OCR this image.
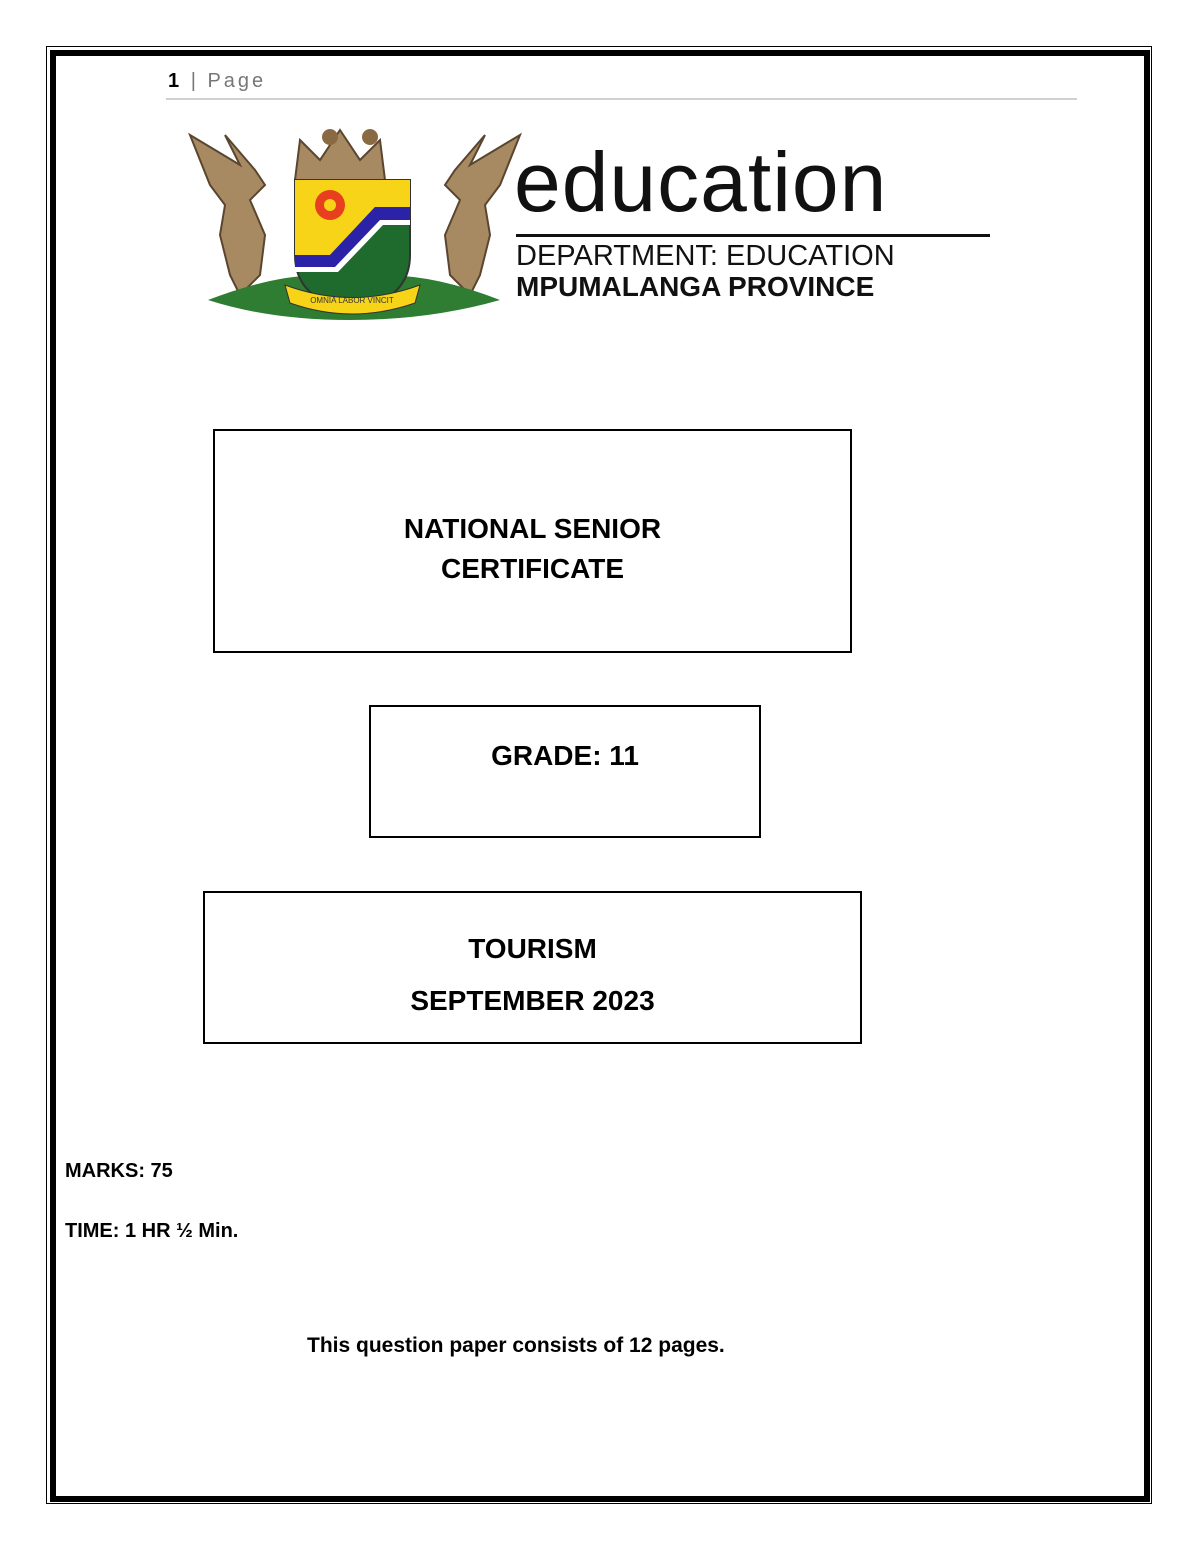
1 | Page
OMNIA LABOR VINCIT
education
DEPARTMENT: EDUCATION
MPUMALANGA PROVINCE
NATIONAL SENIOR
CERTIFICATE
GRADE: 11
TOURISM
SEPTEMBER 2023
MARKS: 75
TIME: 1 HR ½ Min.
This question paper consists of 12 pages.
